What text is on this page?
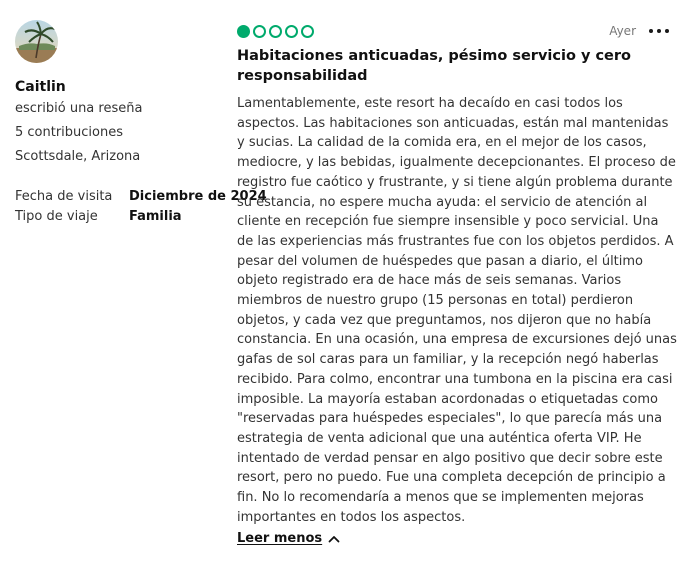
Caitlin
escribió una reseña
5 contribuciones
Scottsdale, Arizona
Fecha de visita	Diciembre de 2024
Tipo de viaje	Familia
Ayer
Habitaciones anticuadas, pésimo servicio y cero responsabilidad
Lamentablemente, este resort ha decaído en casi todos los aspectos. Las habitaciones son anticuadas, están mal mantenidas y sucias. La calidad de la comida era, en el mejor de los casos, mediocre, y las bebidas, igualmente decepcionantes. El proceso de registro fue caótico y frustrante, y si tiene algún problema durante su estancia, no espere mucha ayuda: el servicio de atención al cliente en recepción fue siempre insensible y poco servicial. Una de las experiencias más frustrantes fue con los objetos perdidos. A pesar del volumen de huéspedes que pasan a diario, el último objeto registrado era de hace más de seis semanas. Varios miembros de nuestro grupo (15 personas en total) perdieron objetos, y cada vez que preguntamos, nos dijeron que no había constancia. En una ocasión, una empresa de excursiones dejó unas gafas de sol caras para un familiar, y la recepción negó haberlas recibido. Para colmo, encontrar una tumbona en la piscina era casi imposible. La mayoría estaban acordonadas o etiquetadas como "reservadas para huéspedes especiales", lo que parecía más una estrategia de venta adicional que una auténtica oferta VIP. He intentado de verdad pensar en algo positivo que decir sobre este resort, pero no puedo. Fue una completa decepción de principio a fin. No lo recomendaría a menos que se implementen mejoras importantes en todos los aspectos.
Leer menos
